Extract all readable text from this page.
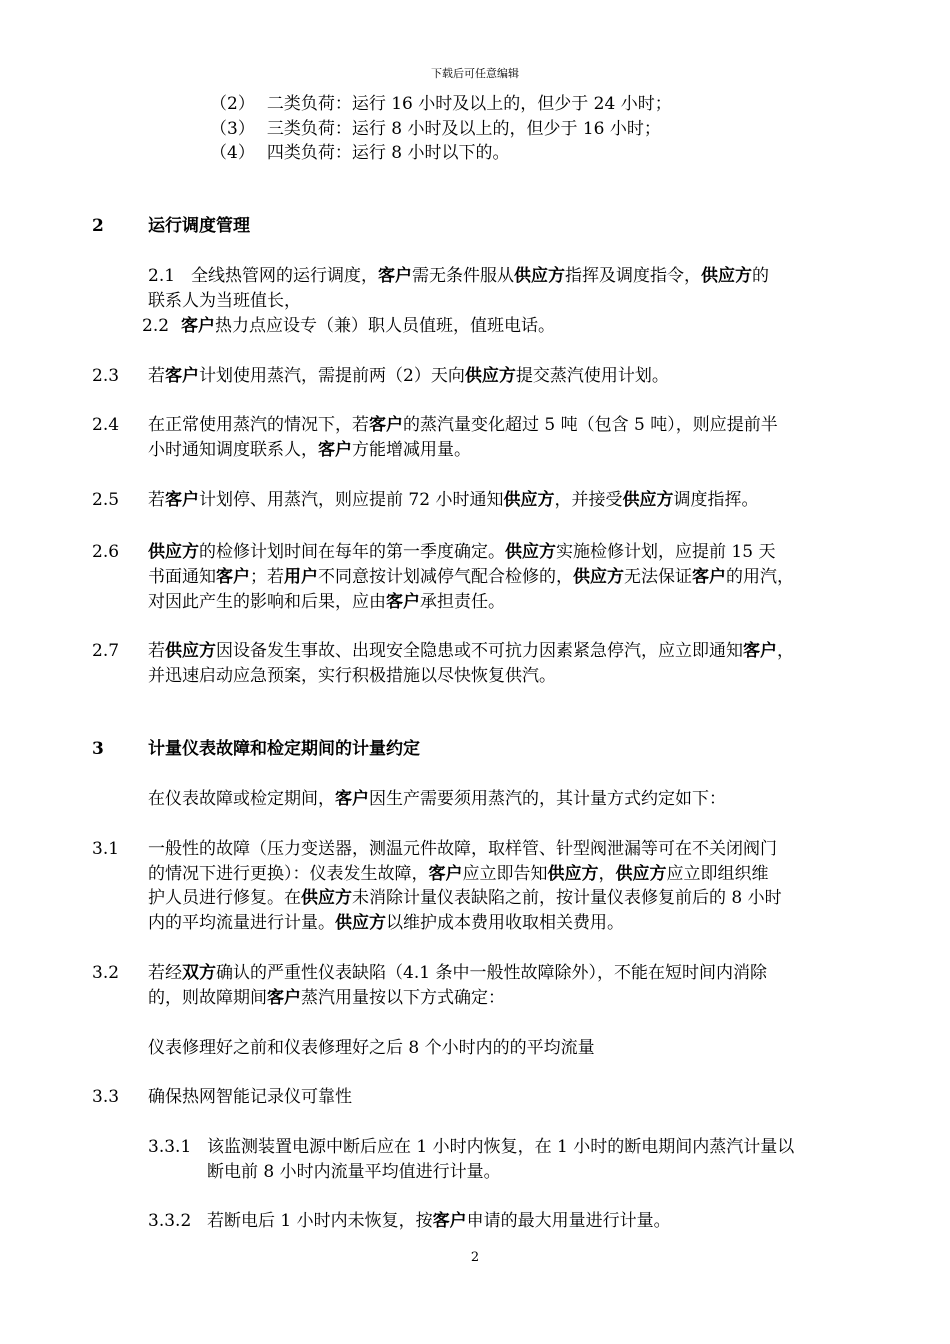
下载后可任意编辑
（2） 二类负荷：运行 16 小时及以上的，但少于 24 小时；
（3） 三类负荷：运行 8 小时及以上的，但少于 16 小时；
（4） 四类负荷：运行 8 小时以下的。
2	运行调度管理
2.1 全线热管网的运行调度，客户需无条件服从供应方指挥及调度指令，供应方的
联系人为当班值长，
2.2 客户热力点应设专（兼）职人员值班，值班电话。
2.3 若客户计划使用蒸汽，需提前两（2）天向供应方提交蒸汽使用计划。
2.4 在正常使用蒸汽的情况下，若客户的蒸汽量变化超过 5 吨（包含 5 吨），则应提前半
小时通知调度联系人，客户方能增减用量。
2.5 若客户计划停、用蒸汽，则应提前 72 小时通知供应方，并接受供应方调度指挥。
2.6 供应方的检修计划时间在每年的第一季度确定。供应方实施检修计划，应提前 15 天
书面通知客户；若用户不同意按计划减停气配合检修的，供应方无法保证客户的用汽，
对因此产生的影响和后果，应由客户承担责任。
2.7 若供应方因设备发生事故、出现安全隐患或不可抗力因素紧急停汽，应立即通知客户，
并迅速启动应急预案，实行积极措施以尽快恢复供汽。
3	计量仪表故障和检定期间的计量约定
在仪表故障或检定期间，客户因生产需要须用蒸汽的，其计量方式约定如下：
3.1 一般性的故障（压力变送器，测温元件故障，取样管、针型阀泄漏等可在不关闭阀门
的情况下进行更换）：仪表发生故障，客户应立即告知供应方，供应方应立即组织维
护人员进行修复。在供应方未消除计量仪表缺陷之前，按计量仪表修复前后的 8 小时
内的平均流量进行计量。供应方以维护成本费用收取相关费用。
3.2 若经双方确认的严重性仪表缺陷（4.1 条中一般性故障除外），不能在短时间内消除
的，则故障期间客户蒸汽用量按以下方式确定：
仪表修理好之前和仪表修理好之后 8 个小时内的的平均流量
3.3 确保热网智能记录仪可靠性
3.3.1 该监测装置电源中断后应在 1 小时内恢复，在 1 小时的断电期间内蒸汽计量以
断电前 8 小时内流量平均值进行计量。
3.3.2 若断电后 1 小时内未恢复，按客户申请的最大用量进行计量。
2
